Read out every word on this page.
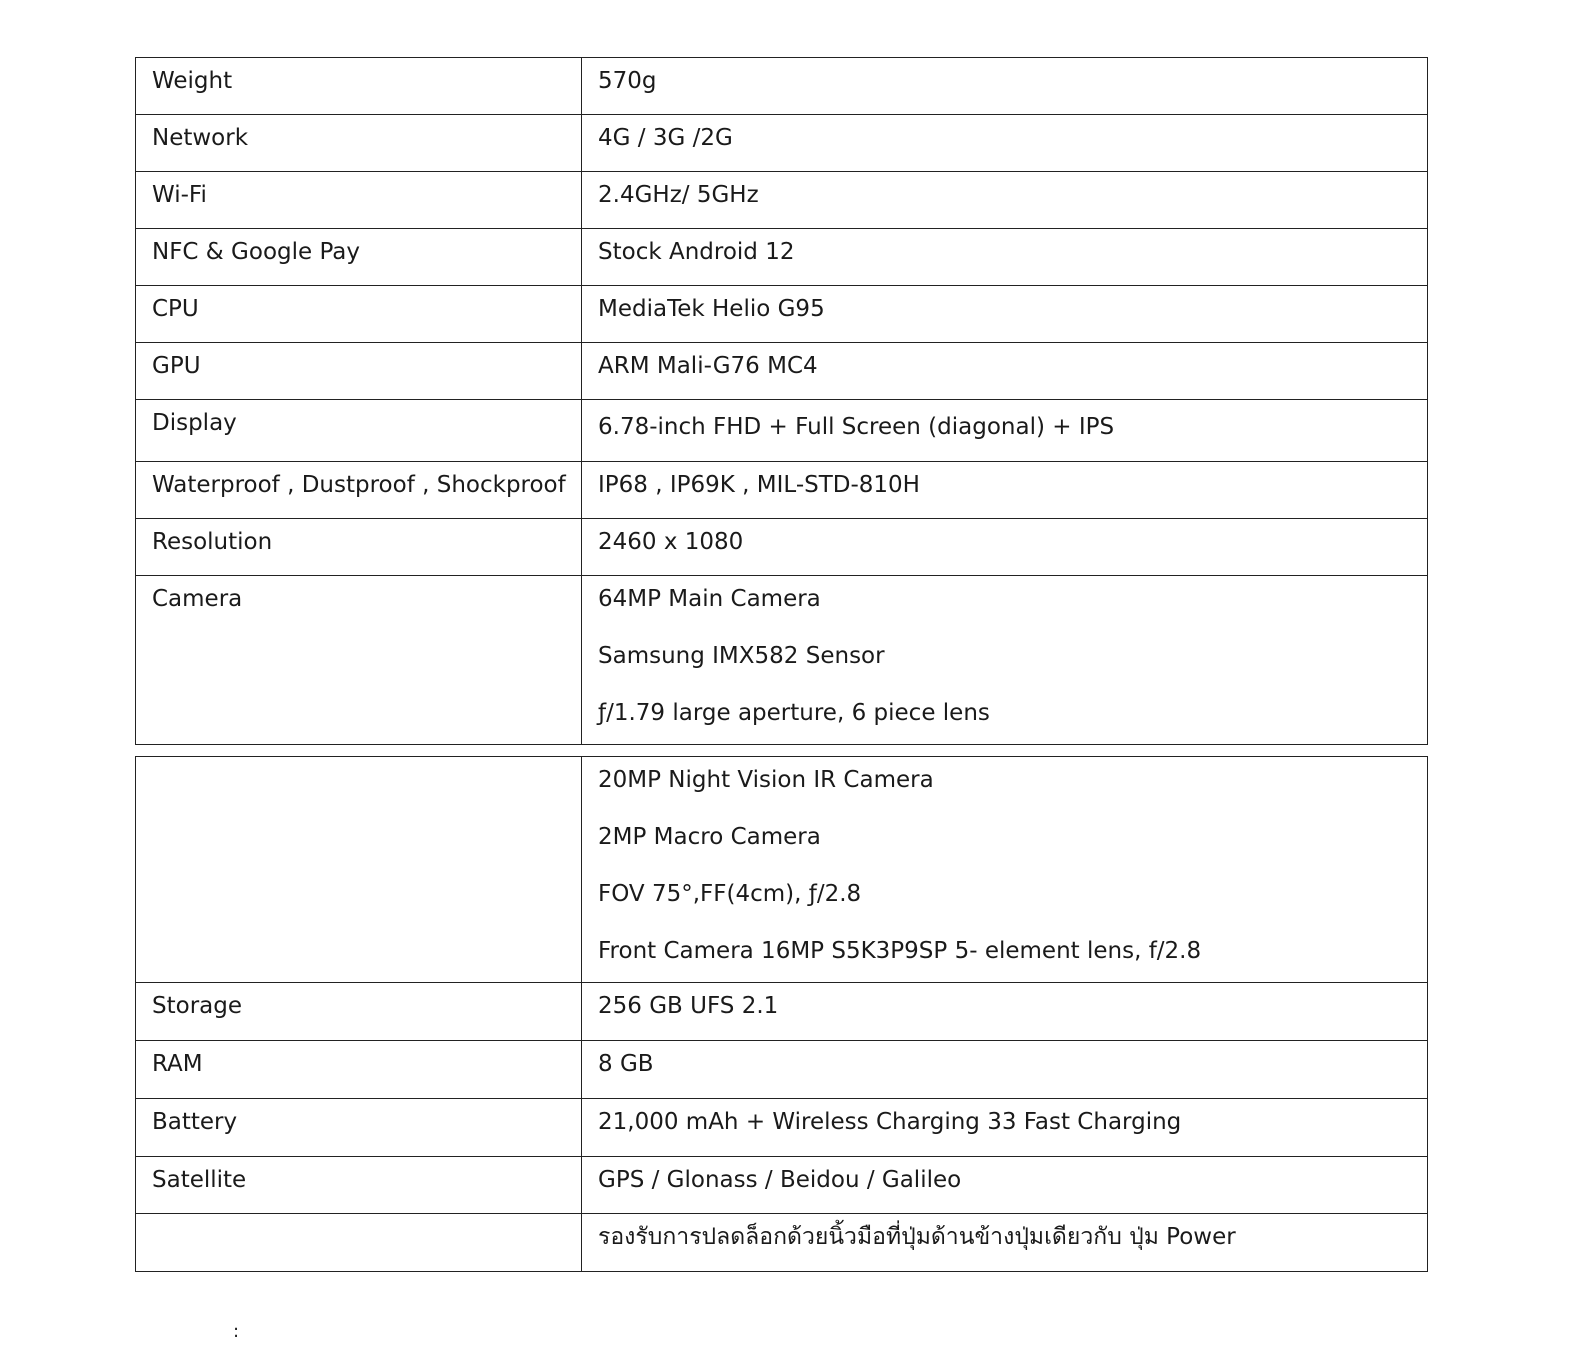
Weight	570g

Network	4G / 3G /2G

Wi-Fi	2.4GHz/ 5GHz

NFC & Google Pay	Stock Android 12

CPU	MediaTek Helio G95

GPU	ARM Mali-G76 MC4

Display	6.78-inch FHD + Full Screen (diagonal) + IPS

Waterproof , Dustproof , Shockproof	IP68 , IP69K , MIL-STD-810H

Resolution	2460 x 1080

Camera	64MP Main Camera
Samsung IMX582 Sensor
ƒ/1.79 large aperture, 6 piece lens

	20MP Night Vision IR Camera
2MP Macro Camera
FOV 75°,FF(4cm), ƒ/2.8
Front Camera 16MP S5K3P9SP 5- element lens, f/2.8

Storage	256 GB UFS 2.1

RAM	8 GB

Battery	21,000 mAh + Wireless Charging 33 Fast Charging

Satellite	GPS / Glonass / Beidou / Galileo

	รองรับการปลดล็อกด้วยนิ้วมือที่ปุ่มด้านข้างปุ่มเดียวกับ ปุ่ม Power
:
